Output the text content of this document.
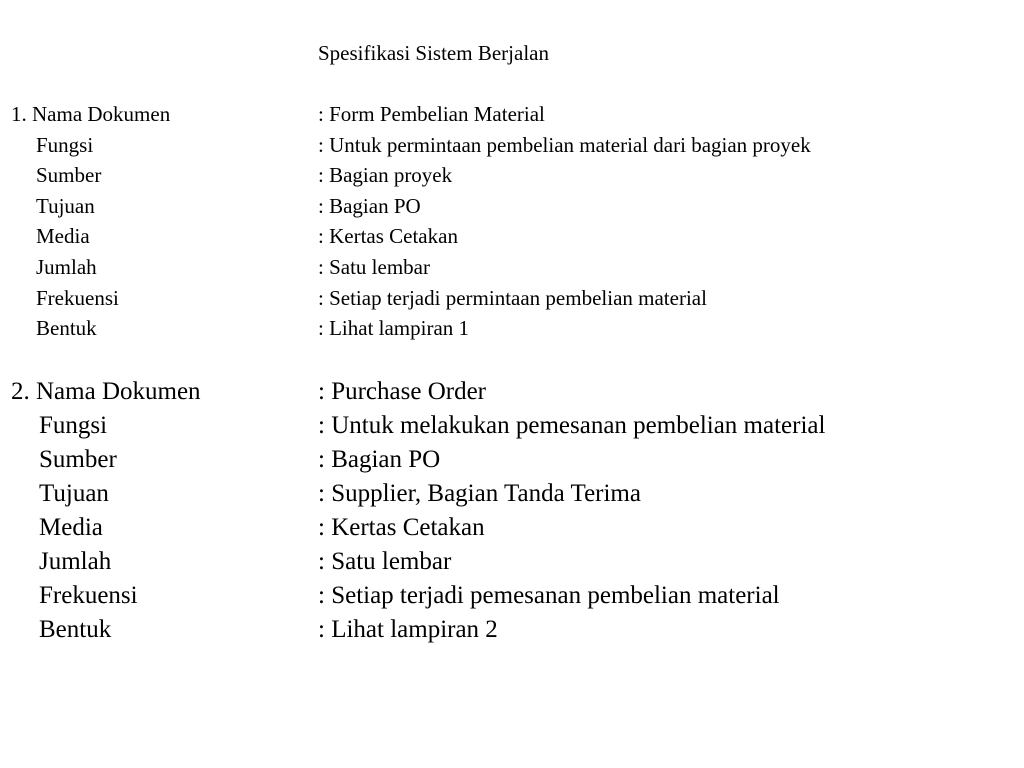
Spesifikasi Sistem Berjalan
1. Nama Dokumen	: Form Pembelian Material
Fungsi	: Untuk permintaan pembelian material dari bagian proyek
Sumber	: Bagian proyek
Tujuan	: Bagian PO
Media	: Kertas Cetakan
Jumlah	: Satu lembar
Frekuensi	: Setiap terjadi permintaan pembelian material
Bentuk	: Lihat lampiran 1
2. Nama Dokumen	: Purchase Order
Fungsi	: Untuk melakukan pemesanan pembelian material
Sumber	: Bagian PO
Tujuan	: Supplier, Bagian Tanda Terima
Media	: Kertas Cetakan
Jumlah	: Satu lembar
Frekuensi	: Setiap terjadi pemesanan pembelian material
Bentuk	: Lihat lampiran 2
